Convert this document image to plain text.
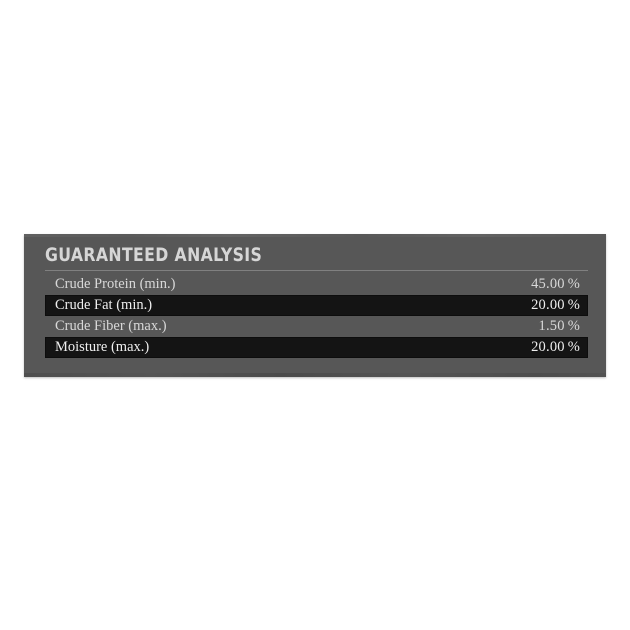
GUARANTEED ANALYSIS
Crude Protein (min.)	45.00 %
Crude Fat (min.)	20.00 %
Crude Fiber (max.)	1.50 %
Moisture (max.)	20.00 %
